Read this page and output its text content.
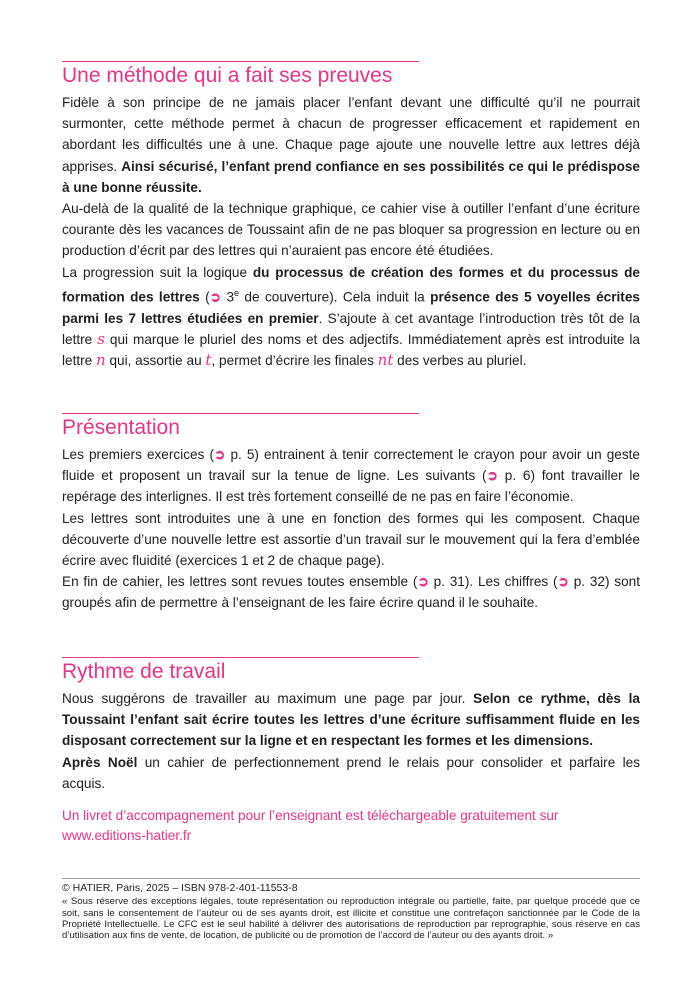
Une méthode qui a fait ses preuves

Fidèle à son principe de ne jamais placer l’enfant devant une difficulté qu’il ne pourrait surmonter, cette méthode permet à chacun de progresser efficacement et rapidement en abordant les difficultés une à une. Chaque page ajoute une nouvelle lettre aux lettres déjà apprises. Ainsi sécurisé, l’enfant prend confiance en ses possibilités ce qui le prédispose à une bonne réussite.

Au-delà de la qualité de la technique graphique, ce cahier vise à outiller l’enfant d’une écriture courante dès les vacances de Toussaint afin de ne pas bloquer sa progression en lecture ou en production d’écrit par des lettres qui n’auraient pas encore été étudiées.

La progression suit la logique du processus de création des formes et du processus de formation des lettres (➲ 3e de couverture). Cela induit la présence des 5 voyelles écrites parmi les 7 lettres étudiées en premier. S’ajoute à cet avantage l’introduction très tôt de la lettre s qui marque le pluriel des noms et des adjectifs. Immédiatement après est introduite la lettre n qui, assortie au t, permet d’écrire les finales nt des verbes au pluriel.

Présentation

Les premiers exercices (➲ p. 5) entrainent à tenir correctement le crayon pour avoir un geste fluide et proposent un travail sur la tenue de ligne. Les suivants (➲ p. 6) font travailler le repérage des interlignes. Il est très fortement conseillé de ne pas en faire l’économie.

Les lettres sont introduites une à une en fonction des formes qui les composent. Chaque découverte d’une nouvelle lettre est assortie d’un travail sur le mouvement qui la fera d’emblée écrire avec fluidité (exercices 1 et 2 de chaque page).

En fin de cahier, les lettres sont revues toutes ensemble (➲ p. 31). Les chiffres (➲ p. 32) sont groupés afin de permettre à l’enseignant de les faire écrire quand il le souhaite.

Rythme de travail

Nous suggérons de travailler au maximum une page par jour. Selon ce rythme, dès la Toussaint l’enfant sait écrire toutes les lettres d’une écriture suffisamment fluide en les disposant correctement sur la ligne et en respectant les formes et les dimensions.

Après Noël un cahier de perfectionnement prend le relais pour consolider et parfaire les acquis.

Un livret d’accompagnement pour l’enseignant est téléchargeable gratuitement sur
www.editions-hatier.fr
© HATIER, Paris, 2025 – ISBN 978-2-401-11553-8

« Sous réserve des exceptions légales, toute représentation ou reproduction intégrale ou partielle, faite, par quelque procédé que ce soit, sans le consentement de l’auteur ou de ses ayants droit, est illicite et constitue une contrefaçon sanctionnée par le Code de la Propriété Intellectuelle. Le CFC est le seul habilité à délivrer des autorisations de reproduction par reprographie, sous réserve en cas d’utilisation aux fins de vente, de location, de publicité ou de promotion de l’accord de l’auteur ou des ayants droit. »
